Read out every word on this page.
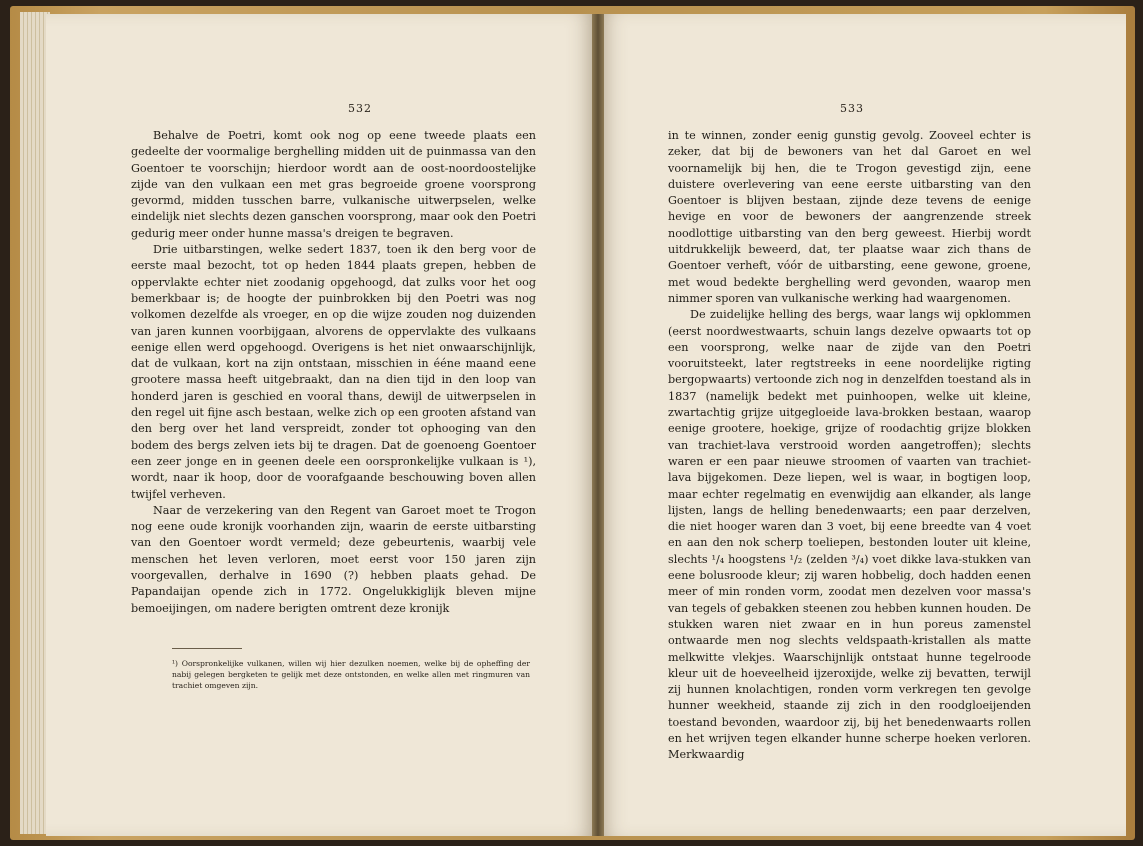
532

Behalve de Poetri, komt ook nog op eene tweede plaats een gedeelte der voormalige berghelling midden uit de puinmassa van den Goentoer te voorschijn; hierdoor wordt aan de oost-noordoostelijke zijde van den vulkaan een met gras begroeide groene voorsprong gevormd, midden tusschen barre, vulkanische uitwerpselen, welke eindelijk niet slechts dezen ganschen voorsprong, maar ook den Poetri gedurig meer onder hunne massa's dreigen te begraven.

Drie uitbarstingen, welke sedert 1837, toen ik den berg voor de eerste maal bezocht, tot op heden 1844 plaats grepen, hebben de oppervlakte echter niet zoodanig opgehoogd, dat zulks voor het oog bemerkbaar is; de hoogte der puinbrokken bij den Poetri was nog volkomen dezelfde als vroeger, en op die wijze zouden nog duizenden van jaren kunnen voorbijgaan, alvorens de oppervlakte des vulkaans eenige ellen werd opgehoogd. Overigens is het niet onwaarschijnlijk, dat de vulkaan, kort na zijn ontstaan, misschien in ééne maand eene grootere massa heeft uitgebraakt, dan na dien tijd in den loop van honderd jaren is geschied en vooral thans, dewijl de uitwerpselen in den regel uit fijne asch bestaan, welke zich op een grooten afstand van den berg over het land verspreidt, zonder tot ophooging van den bodem des bergs zelven iets bij te dragen. Dat de goenoeng Goentoer een zeer jonge en in geenen deele een oorspronkelijke vulkaan is ¹), wordt, naar ik hoop, door de voorafgaande beschouwing boven allen twijfel verheven.

Naar de verzekering van den Regent van Garoet moet te Trogon nog eene oude kronijk voorhanden zijn, waarin de eerste uitbarsting van den Goentoer wordt vermeld; deze gebeurtenis, waarbij vele menschen het leven verloren, moet eerst voor 150 jaren zijn voorgevallen, derhalve in 1690 (?) hebben plaats gehad. De Papandaijan opende zich in 1772. Ongelukkiglijk bleven mijne bemoeijingen, om nadere berigten omtrent deze kronijk

¹) Oorspronkelijke vulkanen, willen wij hier dezulken noemen, welke bij de opheffing der nabij gelegen bergketen te gelijk met deze ontstonden, en welke allen met ringmuren van trachiet omgeven zijn.
533

in te winnen, zonder eenig gunstig gevolg. Zooveel echter is zeker, dat bij de bewoners van het dal Garoet en wel voornamelijk bij hen, die te Trogon gevestigd zijn, eene duistere overlevering van eene eerste uitbarsting van den Goentoer is blijven bestaan, zijnde deze tevens de eenige hevige en voor de bewoners der aangrenzende streek noodlottige uitbarsting van den berg geweest. Hierbij wordt uitdrukkelijk beweerd, dat, ter plaatse waar zich thans de Goentoer verheft, vóór de uitbarsting, eene gewone, groene, met woud bedekte berghelling werd gevonden, waarop men nimmer sporen van vulkanische werking had waargenomen.

De zuidelijke helling des bergs, waar langs wij opklommen (eerst noordwestwaarts, schuin langs dezelve opwaarts tot op een voorsprong, welke naar de zijde van den Poetri vooruitsteekt, later regtstreeks in eene noordelijke rigting bergopwaarts) vertoonde zich nog in denzelfden toestand als in 1837 (namelijk bedekt met puinhoopen, welke uit kleine, zwartachtig grijze uitgegloeide lava-brokken bestaan, waarop eenige grootere, hoekige, grijze of roodachtig grijze blokken van trachiet-lava verstrooid worden aangetroffen); slechts waren er een paar nieuwe stroomen of vaarten van trachiet-lava bijgekomen. Deze liepen, wel is waar, in bogtigen loop, maar echter regelmatig en evenwijdig aan elkander, als lange lijsten, langs de helling benedenwaarts; een paar derzelven, die niet hooger waren dan 3 voet, bij eene breedte van 4 voet en aan den nok scherp toeliepen, bestonden louter uit kleine, slechts ¹/₄ hoogstens ¹/₂ (zelden ³/₄) voet dikke lava-stukken van eene bolusroode kleur; zij waren hobbelig, doch hadden eenen meer of min ronden vorm, zoodat men dezelven voor massa's van tegels of gebakken steenen zou hebben kunnen houden. De stukken waren niet zwaar en in hun poreus zamenstel ontwaarde men nog slechts veldspaath-kristallen als matte melkwitte vlekjes. Waarschijnlijk ontstaat hunne tegelroode kleur uit de hoeveelheid ijzeroxijde, welke zij bevatten, terwijl zij hunnen knolachtigen, ronden vorm verkregen ten gevolge hunner weekheid, staande zij zich in den roodgloeijenden toestand bevonden, waardoor zij, bij het benedenwaarts rollen en het wrijven tegen elkander hunne scherpe hoeken verloren. Merkwaardig
